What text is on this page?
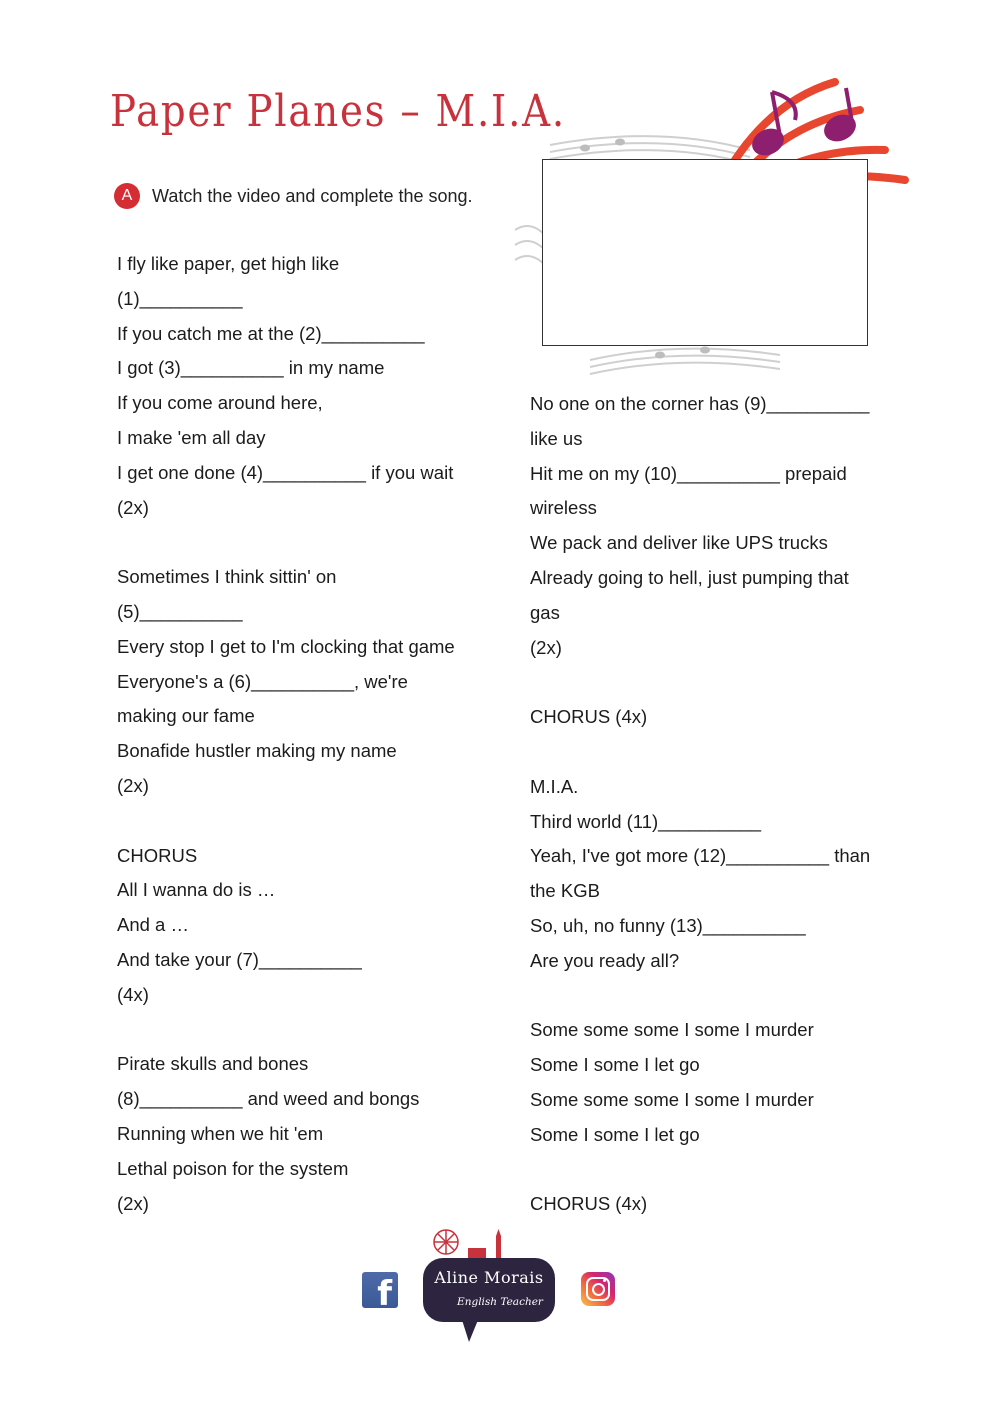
Paper Planes – M.I.A.
A	Watch the video and complete the song.
I fly like paper, get high like
(1)__________
If you catch me at the (2)__________
I got (3)__________ in my name
If you come around here,
I make 'em all day
I get one done (4)__________ if you wait
(2x)
Sometimes I think sittin' on
(5)__________
Every stop I get to I'm clocking that game
Everyone's a (6)__________, we're
making our fame
Bonafide hustler making my name
(2x)
CHORUS
All I wanna do is …
And a …
And take your (7)__________
(4x)
Pirate skulls and bones
(8)__________ and weed and bongs
Running when we hit 'em
Lethal poison for the system
(2x)
No one on the corner has (9)__________
like us
Hit me on my (10)__________ prepaid
wireless
We pack and deliver like UPS trucks
Already going to hell, just pumping that
gas
(2x)
CHORUS (4x)
M.I.A.
Third world (11)__________
Yeah, I've got more (12)__________ than
the KGB
So, uh, no funny (13)__________
Are you ready all?
Some some some I some I murder
Some I some I let go
Some some some I some I murder
Some I some I let go
CHORUS (4x)
f	Aline Morais
English Teacher
